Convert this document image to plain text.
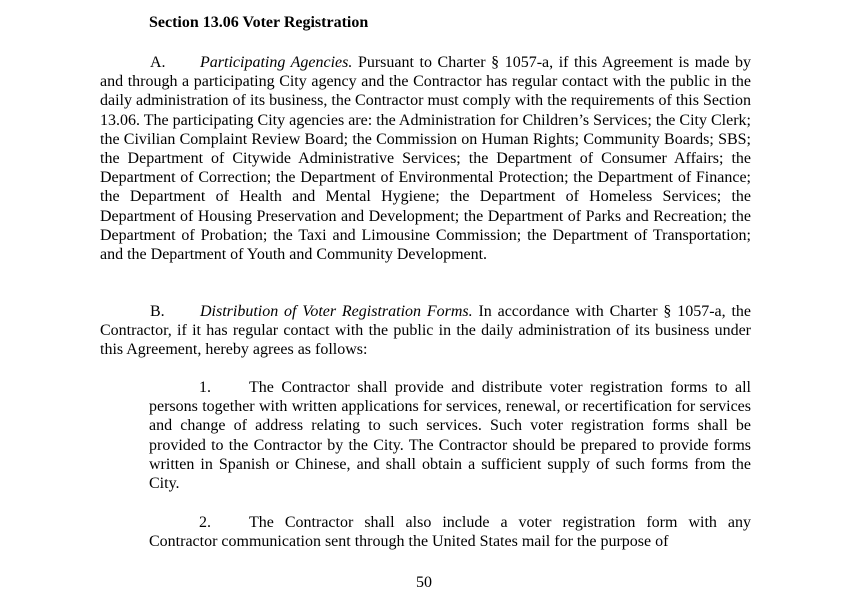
Section 13.06 Voter Registration
A. Participating Agencies. Pursuant to Charter § 1057-a, if this Agreement is made by and through a participating City agency and the Contractor has regular contact with the public in the daily administration of its business, the Contractor must comply with the requirements of this Section 13.06. The participating City agencies are: the Administration for Children’s Services; the City Clerk; the Civilian Complaint Review Board; the Commission on Human Rights; Community Boards; SBS; the Department of Citywide Administrative Services; the Department of Consumer Affairs; the Department of Correction; the Department of Environmental Protection; the Department of Finance; the Department of Health and Mental Hygiene; the Department of Homeless Services; the Department of Housing Preservation and Development; the Department of Parks and Recreation; the Department of Probation; the Taxi and Limousine Commission; the Department of Transportation; and the Department of Youth and Community Development.
B. Distribution of Voter Registration Forms. In accordance with Charter § 1057-a, the Contractor, if it has regular contact with the public in the daily administration of its business under this Agreement, hereby agrees as follows:
1. The Contractor shall provide and distribute voter registration forms to all persons together with written applications for services, renewal, or recertification for services and change of address relating to such services. Such voter registration forms shall be provided to the Contractor by the City. The Contractor should be prepared to provide forms written in Spanish or Chinese, and shall obtain a sufficient supply of such forms from the City.
2. The Contractor shall also include a voter registration form with any Contractor communication sent through the United States mail for the purpose of
50
